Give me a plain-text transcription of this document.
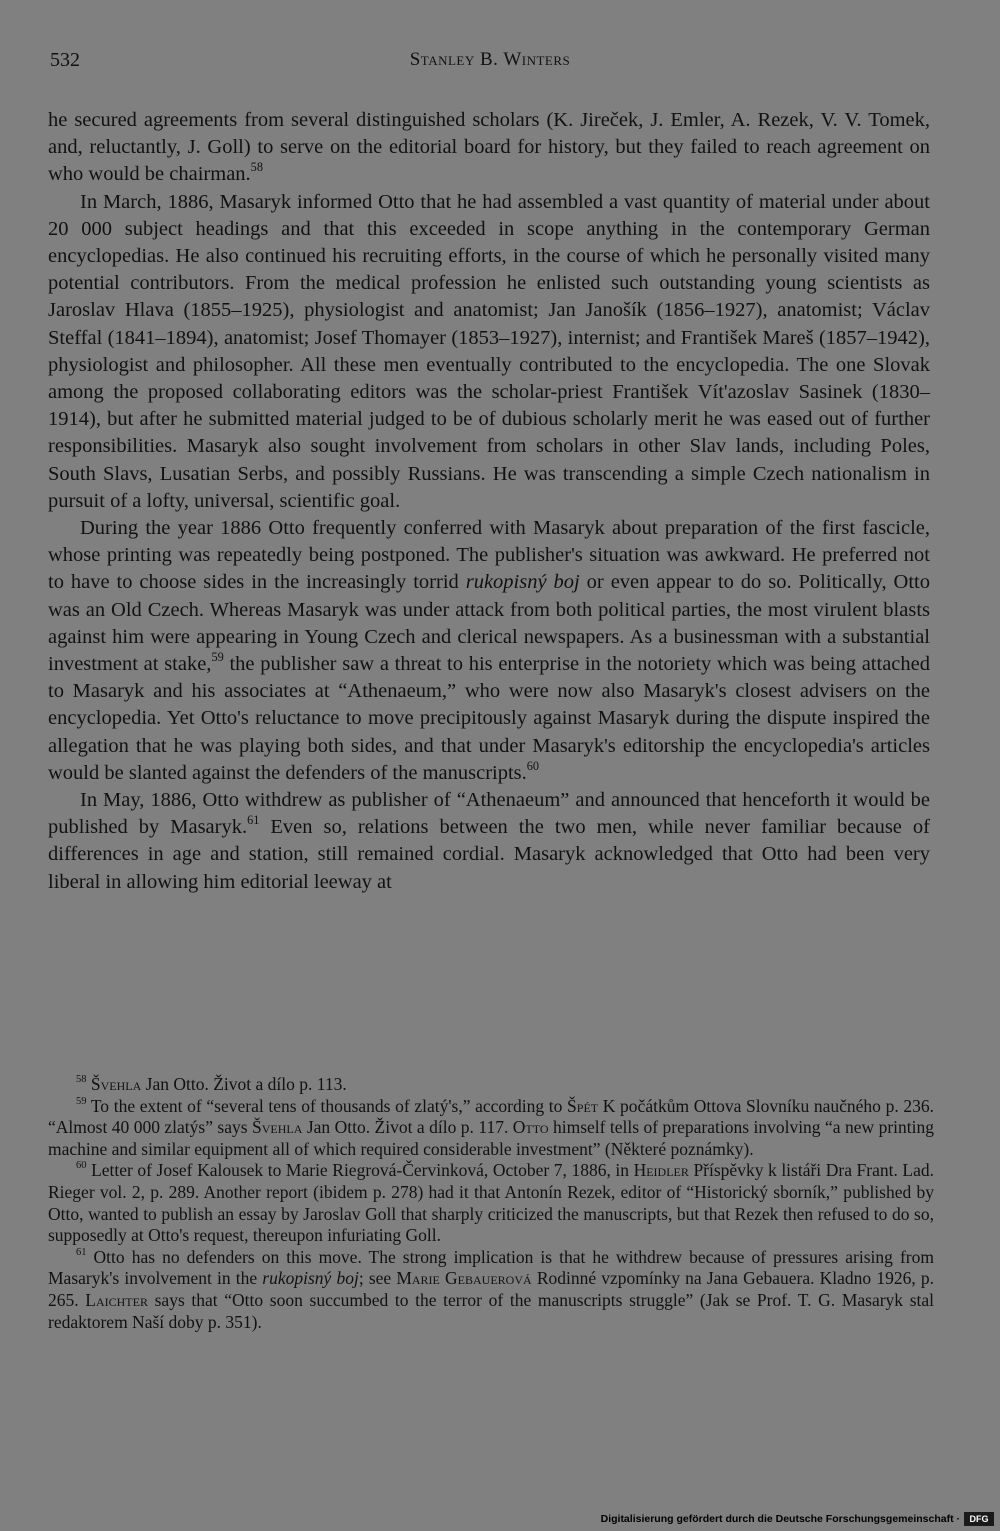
532	Stanley B. Winters

he secured agreements from several distinguished scholars (K. Jireček, J. Emler, A. Rezek, V. V. Tomek, and, reluctantly, J. Goll) to serve on the editorial board for history, but they failed to reach agreement on who would be chairman.$^{58}$

In March, 1886, Masaryk informed Otto that he had assembled a vast quantity of material under about 20 000 subject headings and that this exceeded in scope anything in the contemporary German encyclopedias. He also continued his recruiting efforts, in the course of which he personally visited many potential contributors. From the medical profession he enlisted such outstanding young scientists as Jaroslav Hlava (1855–1925), physiologist and anatomist; Jan Janošík (1856–1927), anatomist; Václav Steffal (1841–1894), anatomist; Josef Thomayer (1853–1927), internist; and František Mareš (1857–1942), physiologist and philosopher. All these men eventually contributed to the encyclopedia. The one Slovak among the proposed collaborating editors was the scholar-priest František Vít'azoslav Sasinek (1830–1914), but after he submitted material judged to be of dubious scholarly merit he was eased out of further responsibilities. Masaryk also sought involvement from scholars in other Slav lands, including Poles, South Slavs, Lusatian Serbs, and possibly Russians. He was transcending a simple Czech nationalism in pursuit of a lofty, universal, scientific goal.

During the year 1886 Otto frequently conferred with Masaryk about preparation of the first fascicle, whose printing was repeatedly being postponed. The publisher's situation was awkward. He preferred not to have to choose sides in the increasingly torrid rukopisný boj or even appear to do so. Politically, Otto was an Old Czech. Whereas Masaryk was under attack from both political parties, the most virulent blasts against him were appearing in Young Czech and clerical newspapers. As a businessman with a substantial investment at stake,$^{59}$ the publisher saw a threat to his enterprise in the notoriety which was being attached to Masaryk and his associates at “Athenaeum,” who were now also Masaryk's closest advisers on the encyclopedia. Yet Otto's reluctance to move precipitously against Masaryk during the dispute inspired the allegation that he was playing both sides, and that under Masaryk's editorship the encyclopedia's articles would be slanted against the defenders of the manuscripts.$^{60}$

In May, 1886, Otto withdrew as publisher of “Athenaeum” and announced that henceforth it would be published by Masaryk.$^{61}$ Even so, relations between the two men, while never familiar because of differences in age and station, still remained cordial. Masaryk acknowledged that Otto had been very liberal in allowing him editorial leeway at

$^{58}$ Švehla Jan Otto. Život a dílo p. 113.

$^{59}$ To the extent of “several tens of thousands of zlatý's,” according to Špét K počátkům Ottova Slovníku naučného p. 236. “Almost 40 000 zlatýs” says Švehla Jan Otto. Život a dílo p. 117. Otto himself tells of preparations involving “a new printing machine and similar equipment all of which required considerable investment” (Některé poznámky).

$^{60}$ Letter of Josef Kalousek to Marie Riegrová-Červinková, October 7, 1886, in Heidler Příspěvky k listáři Dra Frant. Lad. Rieger vol. 2, p. 289. Another report (ibidem p. 278) had it that Antonín Rezek, editor of “Historický sborník,” published by Otto, wanted to publish an essay by Jaroslav Goll that sharply criticized the manuscripts, but that Rezek then refused to do so, supposedly at Otto's request, thereupon infuriating Goll.

$^{61}$ Otto has no defenders on this move. The strong implication is that he withdrew because of pressures arising from Masaryk's involvement in the rukopisný boj; see Marie Gebauerová Rodinné vzpomínky na Jana Gebauera. Kladno 1926, p. 265. Laichter says that “Otto soon succumbed to the terror of the manuscripts struggle” (Jak se Prof. T. G. Masaryk stal redaktorem Naší doby p. 351).

Digitalisierung gefördert durch die Deutsche Forschungsgemeinschaft ·	DFG
